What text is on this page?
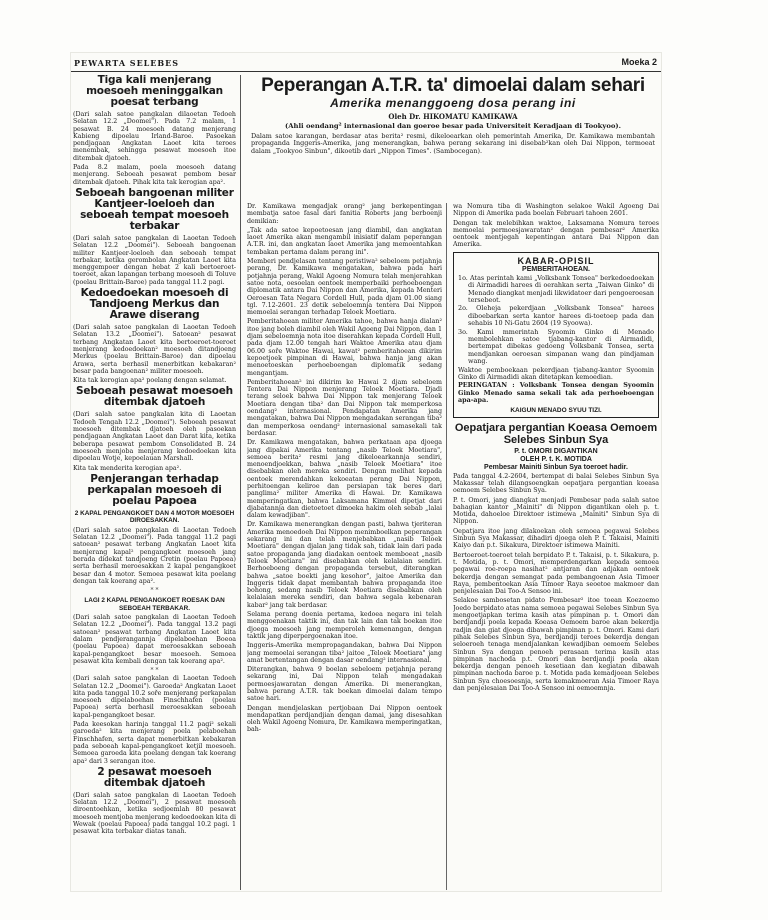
PEWARTA SELEBES	Moeka 2
Tiga kali menjerang moesoeh meninggalkan poesat terbang

(Dari salah satoe pangkalan dilaoetan Tedoeh Selatan 12.2 „Doomei"). Pada 7.2 malam, 1 pesawat B. 24 moesoeh datang menjerang Kabieng dipoelau Irland-Baroe. Pasoekan pendjagaan Angkatan Laoet kita teroes menembak, sehingga pesawat moesoeh itoe ditembak djatoeh.

Pada 8.2 malam, poela moesoeh datang menjerang. Seboeah pesawat pembom besar ditembak djatoeh. Pihak kita tak kerogian apa².

Seboeah bangoenan militer Kantjeer-loeloeh dan seboeah tempat moesoeh terbakar

(Dari salah satoe pangkalan di Laoetan Tedoeh Selatan 12.2 „Doomei"). Seboeah bangoenan militer Kantjeer-loeloeh dan seboeah tempat terbakar, ketika gerombolan Angkatan Laoet kita menggempoer dengan hebat 2 kali bertoeroet-toeroet, akan lapangan terbang moesoeh di Toluve (poelau Brittain-Baroe) pada tanggal 11.2 pagi.

Kedoedoekan moesoeh di Tandjoeng Merkus dan Arawe diserang

(Dari salah satoe pangkalan di Laoetan Tedoeh Selatan 13.2 „Doomei"). Satoean² pesawat terbang Angkatan Laoet kita bertoeroet-toeroet menjerang kedoedoekan² moesoeh ditandjoeng Merkus (poelau Brittain-Baroe) dan dipoelau Arawa, serta berhasil menerbitkan kebakaran² besar pada bangoenan² militer moesoeh.

Kita tak kerogian apa² poelang dengan selamat.

Seboeah pesawat moesoeh ditembak djatoeh

(Dari salah satoe pangkalan kita di Laoetan Tedoeh Tengah 12.2 „Doomei"). Seboeah pesawat moesoeh ditembak djatoeh oleh pasoekan pendjagaan Angkatan Laoet dan Darat kita, ketika beberapa pesawat pembom Consolidated B. 24 moesoeh menjoba menjerang kedoedoekan kita dipoelau Wotje, kepoelauan Marshall.

Kita tak menderita kerogian apa².

Penjerangan terhadap perkapalan moesoeh di poelau Papoea
2 KAPAL PENGANGKOET DAN 4 MOTOR MOESOEH DIROESAKKAN.

(Dari salah satoe pangkalan di Laoetan Tedoeh Selatan 12.2 „Doomei"). Pada tanggal 11.2 pagi satoean² pesawat terbang Angkatan Laoet kita menjerang kapal² pengangkoet moesoeh jang berada didekat tandjoeng Cretin (poelau Papoea) serta berhasil meroesakkan 2 kapal pengangkoet besar dan 4 motor. Semoea pesawat kita poelang dengan tak koerang apa².

* *
LAGI 2 KAPAL PENGANGKOET ROESAK DAN SEBOEAH TERBAKAR.

(Dari salah satoe pangkalan di Laoetan Tedoeh Selatan 12.2 „Doomei"). Pada tanggal 13.2 pagi satoean² pesawat terbang Angkatan Laoet kita dalam pendjerangannja dipelaboehan Boeoa (poelau Papoea) dapat meroesakkan seboeah kapal-pengangkoet besar moesoeh. Semoea pesawat kita kembali dengan tak koerang apa².

* *

(Dari salah satoe pangkalan di Laoetan Tedoeh Selatan 12.2 „Doomei"). Garoeda² Angkatan Laoet kita pada tanggal 10.2 soře menjerang perkapalan moesoeh dipelaboehan Finschhafen (poelau Papoea) serta berhasil meroesakkan seboeah kapal-pengangkoet besar.

Pada keesokan harinja tanggal 11.2 pagi² sekali garoeda² kita menjerang poela pelaboehan Finschhafen, serta dapat menerbitkan kebakaran pada seboeah kapal-pengangkoet ketjil moesoeh. Semoea garoeda kita poelang dengan tak koerang apa² dari 3 serangan itoe.

2 pesawat moesoeh ditembak djatoeh

(Dari salah satoe pangkalan di Laoetan Tedoeh Selatan 12.2 „Doomei"), 2 pesawat moesoeh diroentoehkan, ketika sedjoemlah 80 pesawat moesoeh mentjoba menjerang kedoedoekan kita di Wewak (poelau Papoea) pada tanggal 10.2 pagi. 1 pesawat kita terbakar diatas tanah.

Peperangan A.T.R. ta' dimoelai dalam sehari
Amerika menanggoeng dosa perang ini
Oleh Dr. HIKOMATU KAMIKAWA
(Ahli oendang² internasional dan goeroe besar pada Universiteit Keradjaan di Tookyoo).
Dalam satoe karangan, berdasar atas berita² resmi, dikeloearkan oleh pemerintah Amerika, Dr. Kamikawa membantah propaganda Inggeris-Amerika, jang menerangkan, bahwa perang sekarang ini disebab²kan oleh Dai Nippon, termoeat dalam „Tookyoo Sinbun", dikoetib dari „Nippon Times". (Sambocegan).

Dr. Kamikawa mengadjak orang² jang berkepentingan membatja satoe fasal dari fanitia Roberts jang berboenji demikian:

„Tak ada satoe kepoetoesan jang diambil, dan angkatan laoet Amerika akan mengambil inisiatif dalam peperangan A.T.R. ini, dan angkatan laoet Amerika jang memoentahkan tembakan pertama dalam perang ini".

Memberi pendjelasan tentang peristiwa² sebeloem petjahnja perang, Dr. Kamikawa mengatakan, bahwa pada hari potjahnja perang, Wakil Agoeng Nomura telah menjerahkan satoe nota, oesoelan oentoek memperbaiki perhoeboengan diplomatik antara Dai Nippon dan Amerika, kepada Menteri Oeroesan Tata Negara Cordell Hull, pada djam 01.00 siang tgl. 7.12-2601. 23 detik sebeloemnja tentera Dai Nippon memoelai serangan terhadap Teloek Moetiara.

Pemberitahoean militer Amerika tahoe, bahwa hanja dialan² itoe jang boleh diambil oleh Wakil Agoeng Dai Nippon, dan 1 djam sebeloemnja nota itoe diserahkan kepada Cordell Hull, pada djam 12.00 tengah hari Waktoe Amerika atau djam 06.00 soře Waktoe Hawai, kawat² pemberitahoean dikirim kepoetjoek pimpinan di Hawai, bahwa hanja jang akan menoetoeskan perhoeboengan diplomatik sedang mengantjam.

Pemberitahoean² ini dikirim ke Hawai 2 djam sebeloem Tentera Dai Nippon menjerang Teloek Moetiara. Djadi terang seloek bahwa Dai Nippon tak menjerang Teloek Moetiara dengan tiba² dan Dai Nippon tak memperkosa oendang² internasional. Pendapatan Amerika jang mengatakan, bahwa Dai Nippon mengadakan serangan tiba² dan memperkosa oendang² internasional samasekali tak berdasar.

Dr. Kamikawa mengatakan, bahwa perkataan apa djoega jang dipakai Amerika tentang „nasib Teloek Moetiara", semoea berita² resmi jang dikeloearkannja sendiri, menoendjoekkan, bahwa „nasib Teloek Moetiara" itoe disebabkan oleh mereka sendiri. Dengan melihat kepada oentoek merendahkan kekoeatan perang Dai Nippon, perhitoengan keliroe dan persiapan tak beres dari panglima² militer Amerika di Hawai. Dr. Kamikawa memperingatkan, bahwa Laksamana Kimmel dipetjat dari djabatannja dan dietoetoet dimoeka hakim oleh sebab „lalai dalam kewadjiban".

Dr. Kamikawa menerangkan dengan pasti, bahwa tjeriteran Amerika menoedoeh Dai Nippon menimboelkan peperangan sekarang ini dan telah menjebabkan „nasib Teloek Moetiara" dengan djalan jang tidak sah, tidak lain dari pada satoe propaganda jang diadakan oentoek memboeat „nasib Teloek Moetiara" ini disebabkan oleh kelalaian sendiri. Berhoeboeng dengan propaganda tersebut, diterangkan bahwa „satoe boekti jang kesohor", jaitoe Amerika dan Inggeris tidak dapat membantah bahwa propaganda itoe bohong, sedang nasib Teloek Moetiara disebabkan oleh kelalaian mereka sendiri, dan bahwa segala kebenaran kabar² jang tak berdasar.

Selama perang doenia pertama, kedoea negara ini telah menggoenakan taktik ini, dan tak lain dan tak boekan itoe djoega moesoeh jang memperoleh kemenangan, dengan taktik jang diperpergoenakan itoe.

Inggeris-Amerika mempropagandakan, bahwa Dai Nippon jang memoelai serangan tiba² jaitoe „Teloek Moetiara" jang amat bertentangan dengan dasar oendang² internasional.

Diterangkan, bahwa 9 boelan sebeloem petjahnja perang sekarang ini, Dai Nippon telah mengadakan permoesjawaratan dengan Amerika. Di menerangkan, bahwa perang A.T.R. tak boekan dimoelai dalam tempo satoe hari.

Dengan mendjelaskan pertjobaan Dai Nippon oentoek mendapatkan perdjandjian dengan damai, jang disesahkan oleh Wakil Agoeng Nomura, Dr. Kamikawa memperingatkan, bah-

wa Nomura tiba di Washington selakoe Wakil Agoeng Dai Nippon di Amerika pada boelan Februari tahoen 2601.

Dengan tak melebihkan waktoe, Laksamana Nomura teroes memoelai permoesjawaratan² dengan pembesar² Amerika oentoek mentjegah kepentingan antara Dai Nippon dan Amerika.

KABAR-OPISIL
PEMBERITAHOEAN.
1o. Atas perintah kami „Volksbank Tonsea" berkedoedoekan di Airmadidi harees di oerahkan serta „Taiwan Ginko" di Menado diangkat menjadi likwidatoer dari pengoeroesan tersebeot.
2o. Oleheja pekerdjaan „Volksbank Tonsea" harees diboebarkan serta kantor harees di-toetoep pada dan sehabis 10 Ni-Gatu 2604 (19 Syoowa).
3o. Kami mmerintah Syoomin Ginko di Menado membolehkan satoe tjabang-kantor di Airmadidi, bertempat dibekas gedoeng Volksbank Tonsea, serta mendjankan oeroesan simpanan wang dan pindjaman wang.
Waktoe pemboekaan pekerdjaan tjabang-kantor Syoomin Ginko di Airmadidi akan ditetapkan kemoedian.
PERINGATAN : Volksbank Tonsea dengan Syoomin Ginko Menado sama sekali tak ada perhoeboengan apa-apa.
KAIGUN MENADO SYUU TIZI.
Oepatjara pergantian Koeasa Oemoem Selebes Sinbun Sya
P. t. OMORI DIGANTIKAN
OLEH P. t. K. MOTIDA
Pembesar Mainiti Sinbun Sya toeroet hadir.

Pada tanggal 4.2-2604, bertempat di balai Selebes Sinbun Sya Makassar telah dilangsoengkan oepatjara pergantian koeasa oemoem Selebes Sinbun Sya.

P. t. Omori, jang diangkat menjadi Pembesar pada salah satoe bahagian kantor „Mainiti" di Nippon digantikan oleh p. t. Motida, dahoeloe Direktoer istimewa „Mainiti" Sinbun Sya di Nippon.

Oepatjara itoe jang dilakoekan oleh semoea pegawai Selebes Sinbun Sya Makassar, dihadiri djoega oleh P. t. Takaisi, Mainiti Kaiyo dan p.t. Sikakura, Direktoer istimewa Mainiti.

Bertoeroet-toeroet telah berpidato P. t. Takaisi, p. t. Sikakura, p. t. Motida, p. t. Omori, memperdengarkan kepada semoea pegawai roe-roepa nasihat² antjaran dan adjakan oentoek bekerdja dengan semangat pada pembangoenan Asia Timoer Raya, pembentoekan Asia Timoer Raya seoetoe makmoer dan penjelesaian Dai Too-A Sensoo ini.

Selakoe sambosetan pidato Pembesar² itoe toean Koezoemo Joedo berpidato atas nama semoea pegawai Selebes Sinbun Sya mengoetjapkan terima kasih atas pimpinan p. t. Omori dan berdjandji poela kepada Koeasa Oemoem baroe akan bekerdja radjin dan giat djoega dibawah pimpinan p. t. Omori. Kami dari pihak Selebes Sinbun Sya, berdjandji teroes bekerdja dengan seloeroeh tenaga mendjalankan kewadjiban oemoem Selebes Sinbun Sya dengan penoeh perasaan terima kasih atas pimpinan nachoda p.t. Omori dan berdjandji poela akan bekerdja dengan penoeh kesetiaan dan kegiatan dibawah pimpinan nachoda baroe p. t. Motida pada kemadjoean Selebes Sinbun Sya choesoesnja, serta kemakmoeran Asia Timoer Raya dan penjelesaian Dai Too-A Sensoo ini oemoemnja.
